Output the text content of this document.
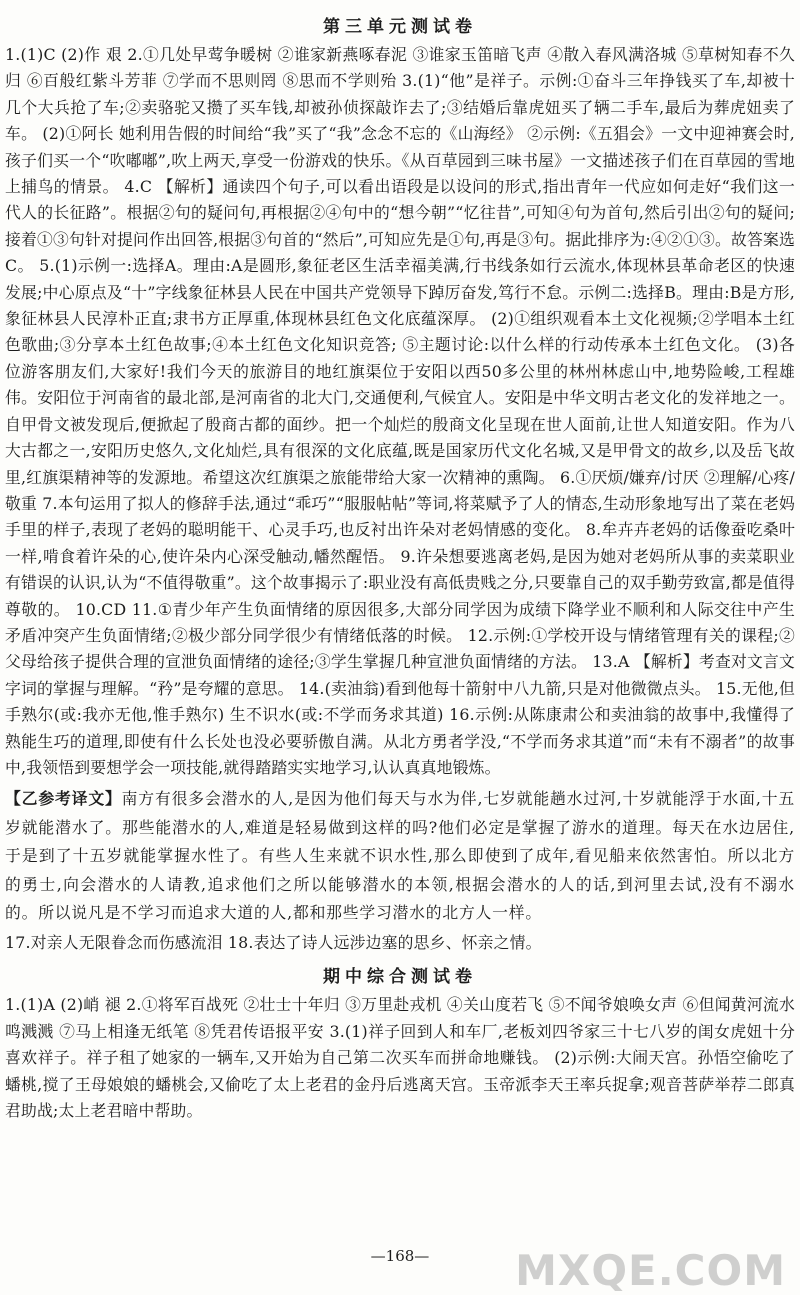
第三单元测试卷

1.(1)C (2)作 艰 2.①几处早莺争暖树 ②谁家新燕啄春泥 ③谁家玉笛暗飞声 ④散入春风满洛城 ⑤草树知春不久归 ⑥百般红紫斗芳菲 ⑦学而不思则罔 ⑧思而不学则殆 3.(1)“他”是祥子。示例:①奋斗三年挣钱买了车,却被十几个大兵抢了车;②卖骆驼又攒了买车钱,却被孙侦探敲诈去了;③结婚后靠虎妞买了辆二手车,最后为葬虎妞卖了车。 (2)①阿长 她利用告假的时间给“我”买了“我”念念不忘的《山海经》 ②示例:《五猖会》一文中迎神赛会时,孩子们买一个“吹嘟嘟”,吹上两天,享受一份游戏的快乐。《从百草园到三味书屋》一文描述孩子们在百草园的雪地上捕鸟的情景。 4.C 【解析】通读四个句子,可以看出语段是以设问的形式,指出青年一代应如何走好“我们这一代人的长征路”。根据②句的疑问句,再根据②④句中的“想今朝”“忆往昔”,可知④句为首句,然后引出②句的疑问;接着①③句针对提问作出回答,根据③句首的“然后”,可知应先是①句,再是③句。据此排序为:④②①③。故答案选C。 5.(1)示例一:选择A。理由:A是圆形,象征老区生活幸福美满,行书线条如行云流水,体现林县革命老区的快速发展;中心原点及“十”字线象征林县人民在中国共产党领导下踔厉奋发,笃行不怠。示例二:选择B。理由:B是方形,象征林县人民淳朴正直;隶书方正厚重,体现林县红色文化底蕴深厚。 (2)①组织观看本土文化视频;②学唱本土红色歌曲;③分享本土红色故事;④本土红色文化知识竞答; ⑤主题讨论:以什么样的行动传承本土红色文化。 (3)各位游客朋友们,大家好!我们今天的旅游目的地红旗渠位于安阳以西50多公里的林州林虑山中,地势险峻,工程雄伟。安阳位于河南省的最北部,是河南省的北大门,交通便利,气候宜人。安阳是中华文明古老文化的发祥地之一。自甲骨文被发现后,便掀起了殷商古都的面纱。把一个灿烂的殷商文化呈现在世人面前,让世人知道安阳。作为八大古都之一,安阳历史悠久,文化灿烂,具有很深的文化底蕴,既是国家历代文化名城,又是甲骨文的故乡,以及岳飞故里,红旗渠精神等的发源地。希望这次红旗渠之旅能带给大家一次精神的熏陶。 6.①厌烦/嫌弃/讨厌 ②理解/心疼/敬重 7.本句运用了拟人的修辞手法,通过“乖巧”“服服帖帖”等词,将菜赋予了人的情态,生动形象地写出了菜在老妈手里的样子,表现了老妈的聪明能干、心灵手巧,也反衬出许朵对老妈情感的变化。 8.牟卉卉老妈的话像蚕吃桑叶一样,啃食着许朵的心,使许朵内心深受触动,幡然醒悟。 9.许朵想要逃离老妈,是因为她对老妈所从事的卖菜职业有错误的认识,认为“不值得敬重”。这个故事揭示了:职业没有高低贵贱之分,只要靠自己的双手勤劳致富,都是值得尊敬的。 10.CD 11.①青少年产生负面情绪的原因很多,大部分同学因为成绩下降学业不顺利和人际交往中产生矛盾冲突产生负面情绪;②极少部分同学很少有情绪低落的时候。 12.示例:①学校开设与情绪管理有关的课程;②父母给孩子提供合理的宣泄负面情绪的途径;③学生掌握几种宣泄负面情绪的方法。 13.A 【解析】考查对文言文字词的掌握与理解。“矜”是夸耀的意思。 14.(卖油翁)看到他每十箭射中八九箭,只是对他微微点头。 15.无他,但手熟尔(或:我亦无他,惟手熟尔) 生不识水(或:不学而务求其道) 16.示例:从陈康肃公和卖油翁的故事中,我懂得了熟能生巧的道理,即使有什么长处也没必要骄傲自满。从北方勇者学没,“不学而务求其道”而“未有不溺者”的故事中,我领悟到要想学会一项技能,就得踏踏实实地学习,认认真真地锻炼。

【乙参考译文】南方有很多会潜水的人,是因为他们每天与水为伴,七岁就能趟水过河,十岁就能浮于水面,十五岁就能潜水了。那些能潜水的人,难道是轻易做到这样的吗?他们必定是掌握了游水的道理。每天在水边居住,于是到了十五岁就能掌握水性了。有些人生来就不识水性,那么即使到了成年,看见船来依然害怕。所以北方的勇士,向会潜水的人请教,追求他们之所以能够潜水的本领,根据会潜水的人的话,到河里去试,没有不溺水的。所以说凡是不学习而追求大道的人,都和那些学习潜水的北方人一样。

17.对亲人无限眷念而伤感流泪 18.表达了诗人远涉边塞的思乡、怀亲之情。

期中综合测试卷

1.(1)A (2)峭 褪 2.①将军百战死 ②壮士十年归 ③万里赴戎机 ④关山度若飞 ⑤不闻爷娘唤女声 ⑥但闻黄河流水鸣溅溅 ⑦马上相逢无纸笔 ⑧凭君传语报平安 3.(1)祥子回到人和车厂,老板刘四爷家三十七八岁的闺女虎妞十分喜欢祥子。祥子租了她家的一辆车,又开始为自己第二次买车而拼命地赚钱。 (2)示例:大闹天宫。孙悟空偷吃了蟠桃,搅了王母娘娘的蟠桃会,又偷吃了太上老君的金丹后逃离天宫。玉帝派李天王率兵捉拿;观音菩萨举荐二郎真君助战;太上老君暗中帮助。

—168—	MXQE.COM
